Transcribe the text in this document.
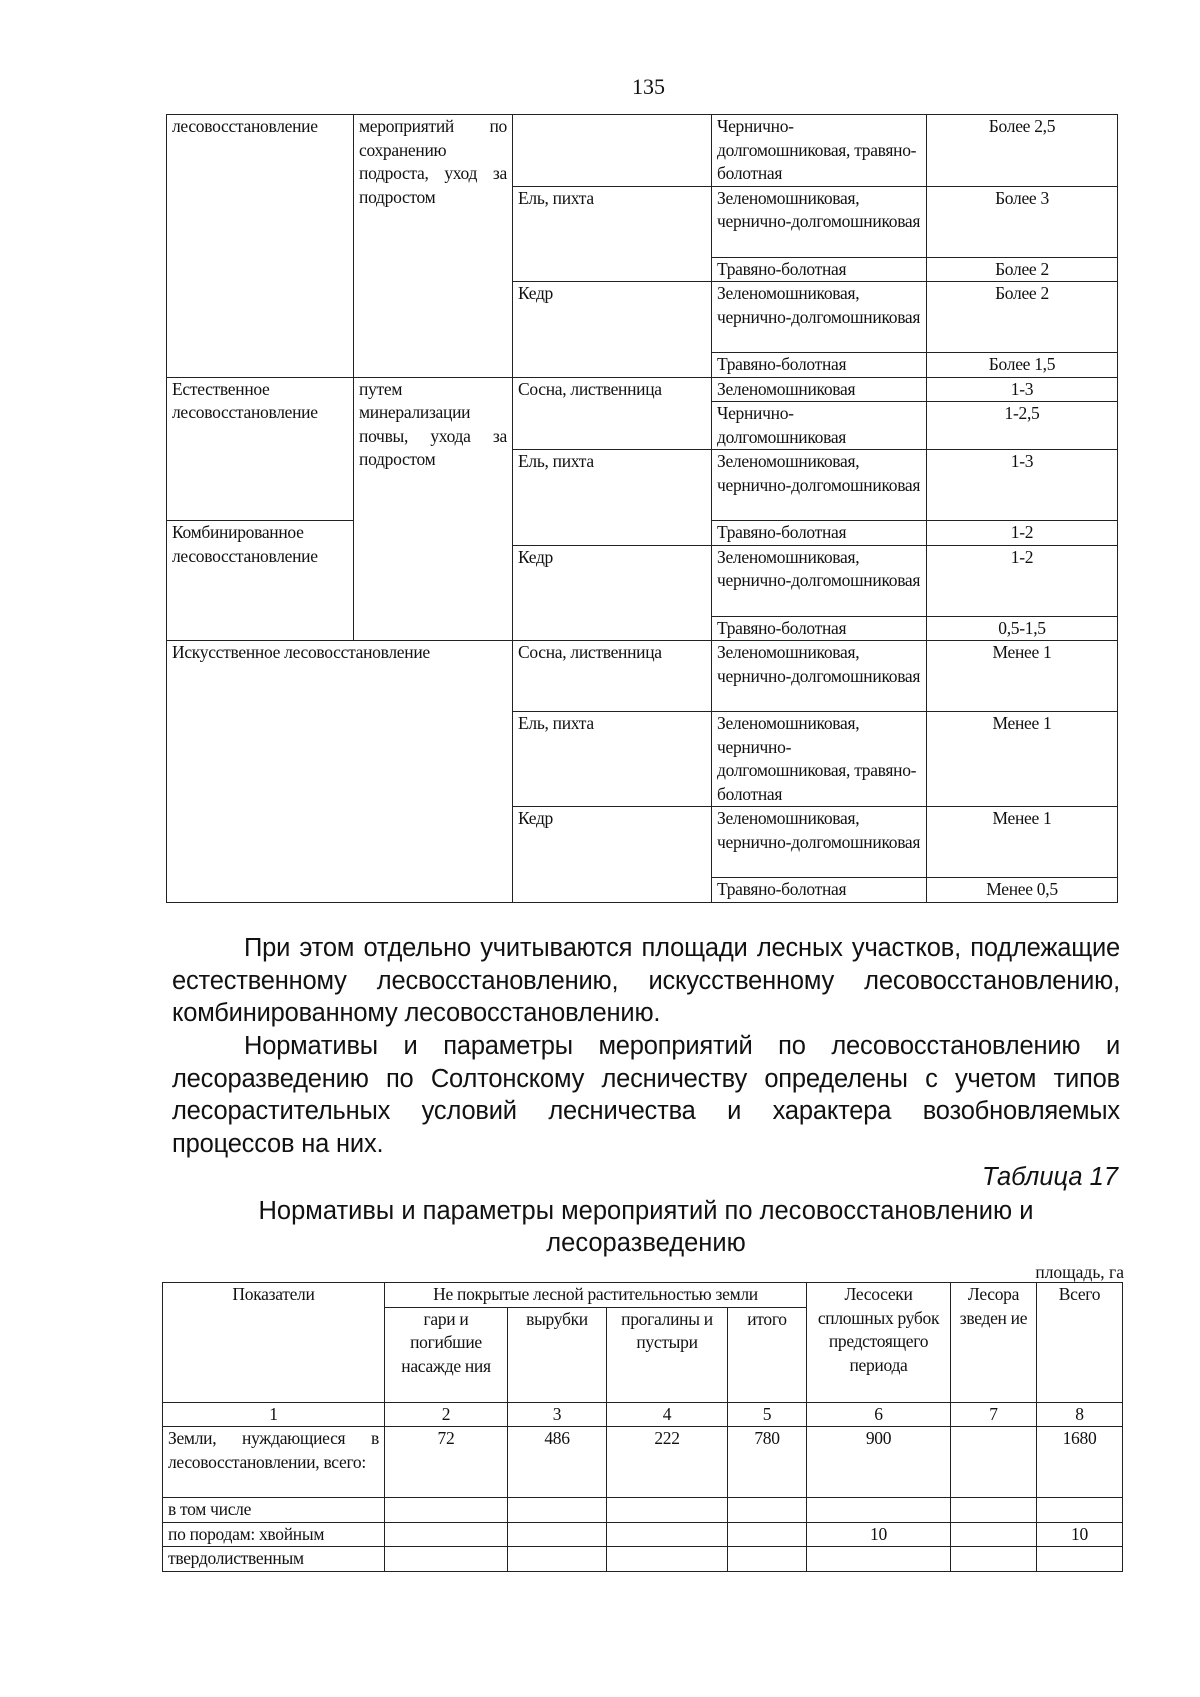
135
лесовосстановление	мероприятий по сохранению подроста, уход за подростом		Чернично-долгомошниковая, травяно-болотная	Более 2,5
		Ель, пихта	Зеленомошниковая, чернично-долгомошниковая	Более 3
			Травяно-болотная	Более 2
		Кедр	Зеленомошниковая, чернично-долгомошниковая	Более 2
			Травяно-болотная	Более 1,5
Естественное лесовосстановление	путем минерализации почвы, ухода за подростом	Сосна, лиственница	Зеленомошниковая	1-3
			Чернично-долгомошниковая	1-2,5
		Ель, пихта	Зеленомошниковая, чернично-долгомошниковая	1-3
Комбинированное лесовосстановление			Травяно-болотная	1-2
		Кедр	Зеленомошниковая, чернично-долгомошниковая	1-2
			Травяно-болотная	0,5-1,5
Искусственное лесовосстановление		Сосна, лиственница	Зеленомошниковая, чернично-долгомошниковая	Менее 1
		Ель, пихта	Зеленомошниковая, чернично-долгомошниковая, травяно-болотная	Менее 1
		Кедр	Зеленомошниковая, чернично-долгомошниковая	Менее 1
			Травяно-болотная	Менее 0,5
При этом отдельно учитываются площади лесных участков, подлежащие естественному лесвосстановлению, искусственному лесовосстановлению, комбинированному лесовосстановлению.
Нормативы и параметры мероприятий по лесовосстановлению и лесоразведению по Солтонскому лесничеству определены с учетом типов лесорастительных условий лесничества и характера возобновляемых процессов на них.
Таблица 17
Нормативы и параметры мероприятий по лесовосстановлению и лесоразведению
площадь, га
Показатели	Не покрытые лесной растительностью земли				Лесосеки сплошных рубок предстоящего периода	Лесора зведен ие	Всего
	гари и погибшие насажде ния	вырубки	прогалины и пустыри	итого			
1	2	3	4	5	6	7	8
Земли, нуждающиеся в лесовосстановлении, всего:	72	486	222	780	900		1680
в том числе							
по породам: хвойным					10		10
твердолиственным							
